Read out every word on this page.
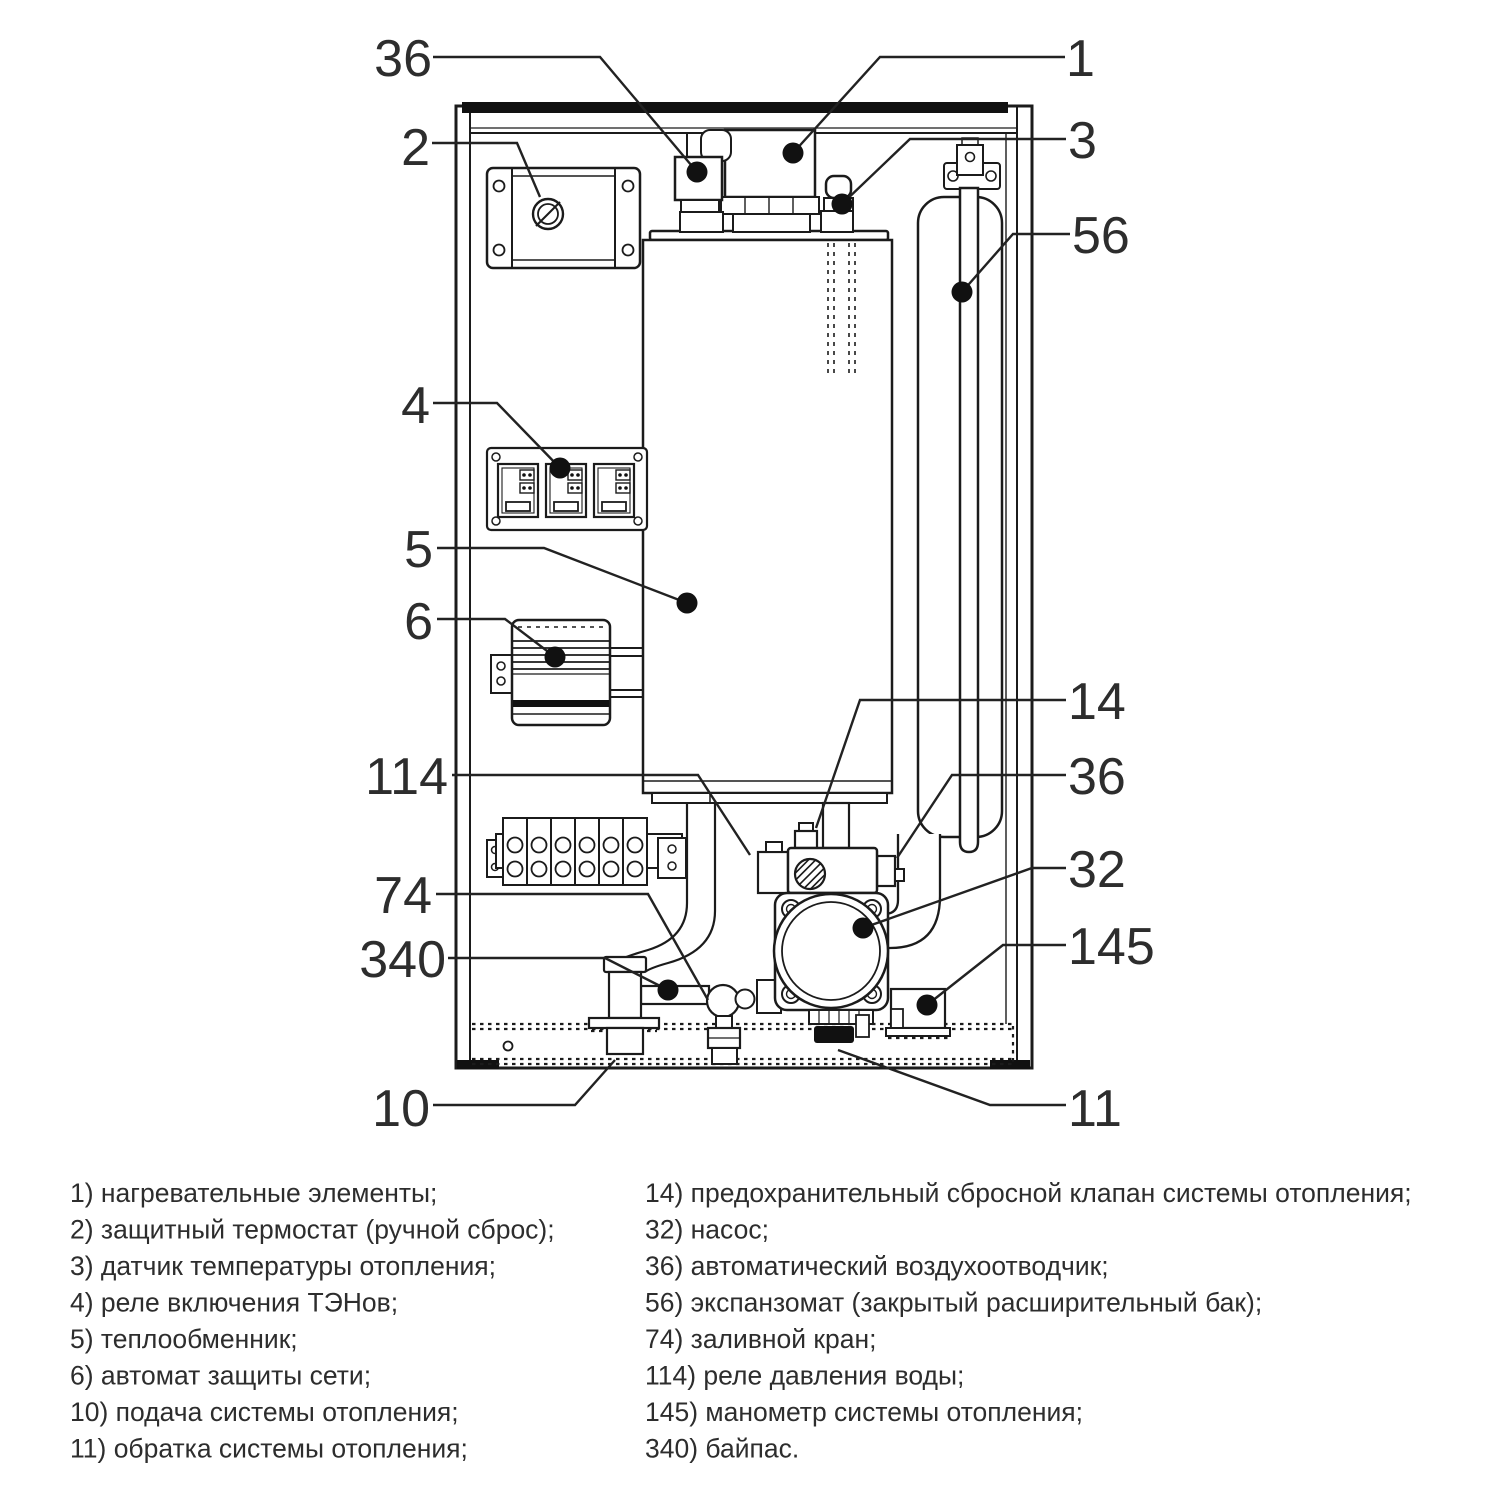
36	1
2	3
56
4
5
6
114
14
36
32
145
74
340
10	11
1) нагревательные элементы;
2) защитный термостат (ручной сброс);
3) датчик температуры отопления;
4) реле включения ТЭНов;
5) теплообменник;
6) автомат защиты сети;
10) подача системы отопления;
11) обратка системы отопления;
14) предохранительный сбросной клапан системы отопления;
32) насос;
36) автоматический воздухоотводчик;
56) экспанзомат (закрытый расширительный бак);
74) заливной кран;
114) реле давления воды;
145) манометр системы отопления;
340) байпас.
